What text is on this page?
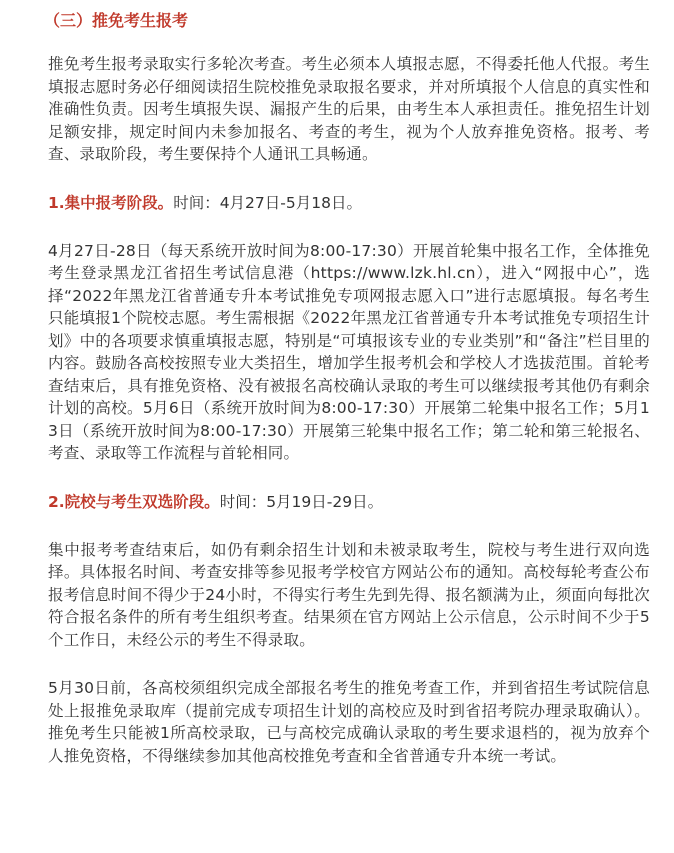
（三）推免考生报考

推免考生报考录取实行多轮次考查。考生必须本人填报志愿，不得委托他人代报。考生填报志愿时务必仔细阅读招生院校推免录取报名要求，并对所填报个人信息的真实性和准确性负责。因考生填报失误、漏报产生的后果，由考生本人承担责任。推免招生计划足额安排，规定时间内未参加报名、考查的考生，视为个人放弃推免资格。报考、考查、录取阶段，考生要保持个人通讯工具畅通。

1.集中报考阶段。时间：4月27日-5月18日。

4月27日-28日（每天系统开放时间为8:00-17:30）开展首轮集中报名工作，全体推免考生登录黑龙江省招生考试信息港（https://www.lzk.hl.cn），进入“网报中心”，选择“2022年黑龙江省普通专升本考试推免专项网报志愿入口”进行志愿填报。每名考生只能填报1个院校志愿。考生需根据《2022年黑龙江省普通专升本考试推免专项招生计划》中的各项要求慎重填报志愿，特别是“可填报该专业的专业类别”和“备注”栏目里的内容。鼓励各高校按照专业大类招生，增加学生报考机会和学校人才选拔范围。首轮考查结束后，具有推免资格、没有被报名高校确认录取的考生可以继续报考其他仍有剩余计划的高校。5月6日（系统开放时间为8:00-17:30）开展第二轮集中报名工作；5月13日（系统开放时间为8:00-17:30）开展第三轮集中报名工作；第二轮和第三轮报名、考查、录取等工作流程与首轮相同。

2.院校与考生双选阶段。时间：5月19日-29日。

集中报考考查结束后，如仍有剩余招生计划和未被录取考生，院校与考生进行双向选择。具体报名时间、考查安排等参见报考学校官方网站公布的通知。高校每轮考查公布报考信息时间不得少于24小时，不得实行考生先到先得、报名额满为止，须面向每批次符合报名条件的所有考生组织考查。结果须在官方网站上公示信息，公示时间不少于5个工作日，未经公示的考生不得录取。

5月30日前，各高校须组织完成全部报名考生的推免考查工作，并到省招生考试院信息处上报推免录取库（提前完成专项招生计划的高校应及时到省招考院办理录取确认）。推免考生只能被1所高校录取，已与高校完成确认录取的考生要求退档的，视为放弃个人推免资格，不得继续参加其他高校推免考查和全省普通专升本统一考试。
